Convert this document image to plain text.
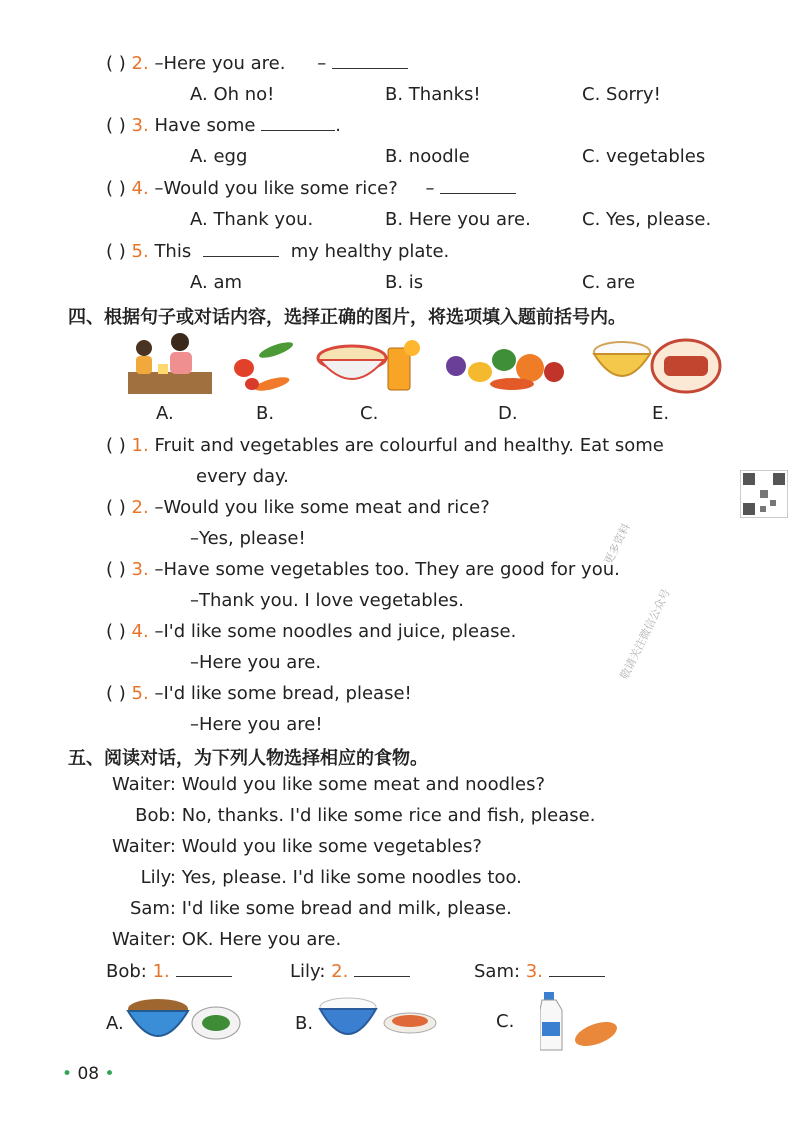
( ) 2. –Here you are. –
A. Oh no!	B. Thanks!	C. Sorry!
( ) 3. Have some	.
A. egg	B. noodle	C. vegetables
( ) 4. –Would you like some rice? –
A. Thank you.	B. Here you are.	C. Yes, please.
( ) 5. This	my healthy plate.
A. am	B. is	C. are
四、根据句子或对话内容，选择正确的图片，将选项填入题前括号内。
A.	B.	C.	D.	E.
( ) 1. Fruit and vegetables are colourful and healthy. Eat some
every day.
( ) 2. –Would you like some meat and rice?
–Yes, please!
( ) 3. –Have some vegetables too. They are good for you.
–Thank you. I love vegetables.
( ) 4. –I'd like some noodles and juice, please.
–Here you are.
( ) 5. –I'd like some bread, please!
–Here you are!
更多资料
敬请关注微信公众号
五、阅读对话，为下列人物选择相应的食物。
Waiter: Would you like some meat and noodles?
Bob: No, thanks. I'd like some rice and fish, please.
Waiter: Would you like some vegetables?
Lily: Yes, please. I'd like some noodles too.
Sam: I'd like some bread and milk, please.
Waiter: OK. Here you are.
Bob: 1.	Lily: 2.	Sam: 3.
A.	B.	C.
• 08 •
